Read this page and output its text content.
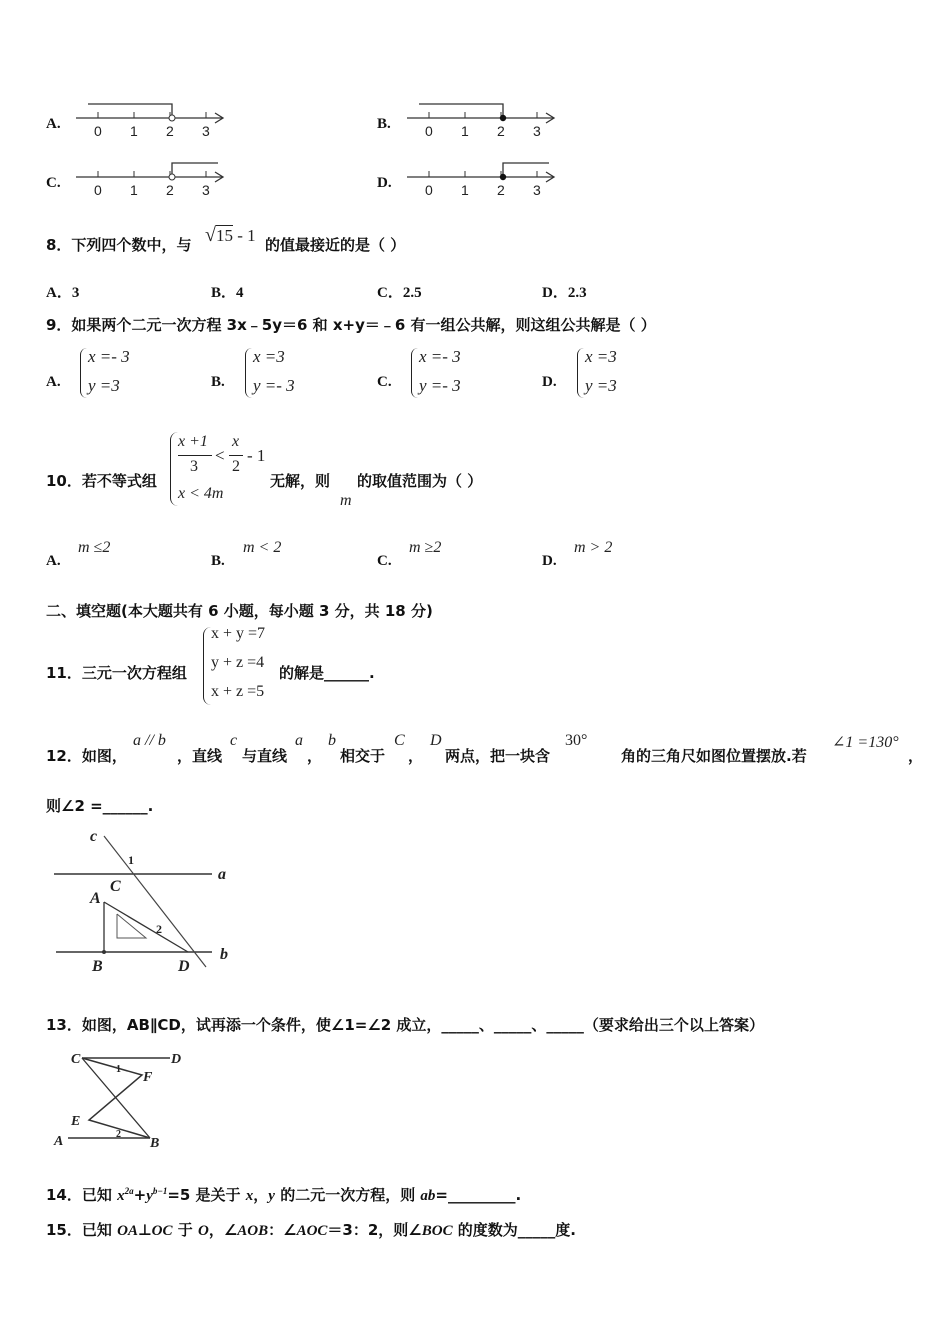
A. 0 1 2 3	B. 0 1 2 3
C. 0 1 2 3	D. 0 1 2 3
8．下列四个数中，与 √15 - 1 的值最接近的是（ ）
A．3	B．4	C．2.5	D．2.3
9．如果两个二元一次方程 3x﹣5y＝6 和 x+y＝﹣6 有一组公共解，则这组公共解是（ ）
A.
x =- 3
y =3	B.
x =3
y =- 3	C.
x =- 3
y =- 3	D.
x =3
y =3
10．若不等式组
x +1
3
<
x
2
- 1
x < 4m
无解，则
m
的取值范围为（ ）
A.
m ≤2
B.
m < 2
C.
m ≥2
D.
m > 2
二、填空题(本大题共有 6 小题，每小题 3 分，共 18 分)
11．三元一次方程组
x + y =7
y + z =4
x + z =5
的解是______.
12．如图，
a // b
，直线
c
与直线
a
，
b
相交于
C
，
D
两点，把一块含
30°
角的三角尺如图位置摆放.若
∠1 =130°
，
则∠2 =______.
c
1
C
a
A
2
B	D
b
13．如图，AB∥CD，试再添一个条件，使∠1=∠2 成立，_____、_____、_____（要求给出三个以上答案）
C	D
1
F
E
A	2
B
14．已知 $x^{2a}+y^{b-1}=5$ 是关于 x，y 的二元一次方程，则 ab=_________.
15．已知 OA⊥OC 于 O，∠AOB：∠AOC＝3：2，则∠BOC 的度数为_____度.
